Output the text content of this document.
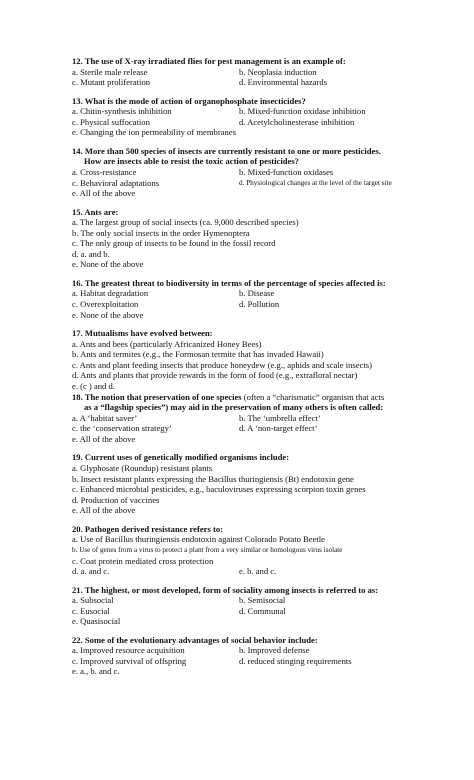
12. The use of X-ray irradiated flies for pest management is an example of:
a. Sterile male release	b. Neoplasia induction
c. Mutant proliferation	d. Environmental hazards
13. What is the mode of action of organophosphate insecticides?
a. Chitin-synthesis inhibition	b. Mixed-function oxidase inhibition
c. Physical suffocation	d. Acetylcholinesterase inhibition
e. Changing the ion permeability of membranes
14. More than 500 species of insects are currently resistant to one or more pesticides.
How are insects able to resist the toxic action of pesticides?
a. Cross-resistance	b. Mixed-function oxidases
c. Behavioral adaptations	d. Physiological changes at the level of the target site
e. All of the above
15. Ants are:
a. The largest group of social insects (ca. 9,000 described species)
b. The only social insects in the order Hymenoptera
c. The only group of insects to be found in the fossil record
d. a. and b.
e. None of the above
16. The greatest threat to biodiversity in terms of the percentage of species affected is:
a. Habitat degradation	b. Disease
c. Overexploitation	d. Pollution
e. None of the above
17. Mutualisms have evolved between:
a. Ants and bees (particularly Africanized Honey Bees)
b. Ants and termites (e.g., the Formosan termite that has invaded Hawaii)
c. Ants and plant feeding insects that produce honeydew (e.g., aphids and scale insects)
d. Ants and plants that provide rewards in the form of food (e.g., extrafloral nectar)
e. (c ) and d.
18. The notion that preservation of one species (often a “charismatic” organism that acts
as a “flagship species”) may aid in the preservation of many others is often called:
a. A ‘habitat saver’	b. The ‘umbrella effect’
c. the ‘conservation strategy’	d. A ‘non-target effect’
e. All of the above
19. Current uses of genetically modified organisms include:
a. Glyphosate (Roundup) resistant plants
b. Insect resistant plants expressing the Bacillus thuringiensis (Bt) endotoxin gene
c. Enhanced microbial pesticides, e.g., baculoviruses expressing scorpion toxin genes
d. Production of vaccines
e. All of the above
20. Pathogen derived resistance refers to:
a. Use of Bacillus thuringiensis endotoxin against Colorado Potato Beetle
b. Use of genes from a virus to protect a plant from a very similar or homologous virus isolate
c. Coat protein mediated cross protection
d. a. and c.	e. b. and c.
21. The highest, or most developed, form of sociality among insects is referred to as:
a. Subsocial	b. Semisocial
c. Eusocial	d. Communal
e. Quasisocial
22. Some of the evolutionary advantages of social behavior include:
a. Improved resource acquisition	b. Improved defense
c. Improved survival of offspring	d. reduced stinging requirements
e. a., b. and c.
